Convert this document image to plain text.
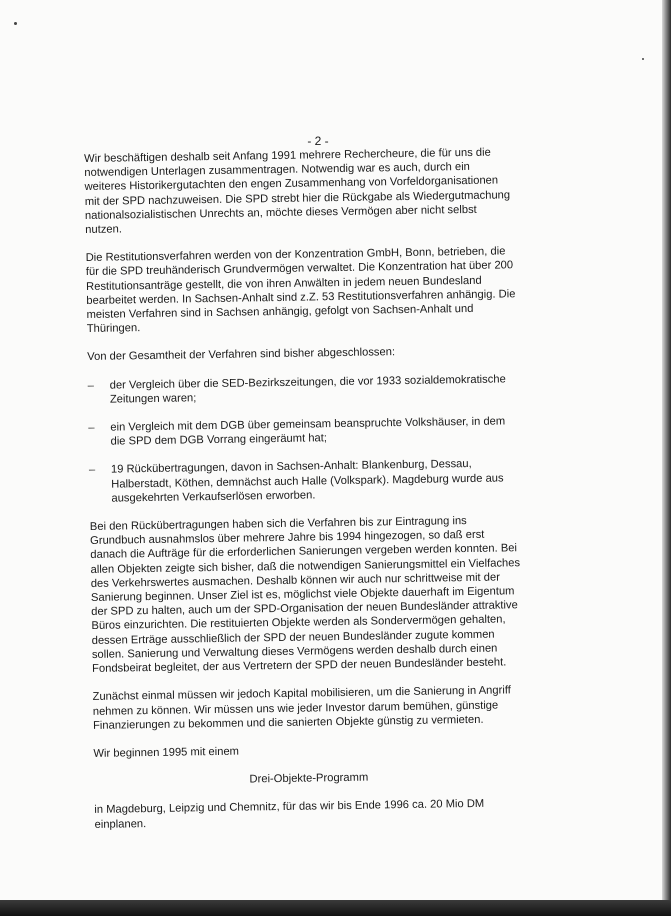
- 2 -

Wir beschäftigen deshalb seit Anfang 1991 mehrere Rechercheure, die für uns die notwendigen Unterlagen zusammentragen. Notwendig war es auch, durch ein weiteres Historikergutachten den engen Zusammenhang von Vorfeldorganisationen mit der SPD nachzuweisen. Die SPD strebt hier die Rückgabe als Wiedergutmachung nationalsozialistischen Unrechts an, möchte dieses Vermögen aber nicht selbst nutzen.

Die Restitutionsverfahren werden von der Konzentration GmbH, Bonn, betrieben, die für die SPD treuhänderisch Grundvermögen verwaltet. Die Konzentration hat über 200 Restitutionsanträge gestellt, die von ihren Anwälten in jedem neuen Bundesland bearbeitet werden. In Sachsen-Anhalt sind z.Z. 53 Restitutionsverfahren anhängig. Die meisten Verfahren sind in Sachsen anhängig, gefolgt von Sachsen-Anhalt und Thüringen.

Von der Gesamtheit der Verfahren sind bisher abgeschlossen:

– der Vergleich über die SED-Bezirkszeitungen, die vor 1933 sozialdemokratische Zeitungen waren;
– ein Vergleich mit dem DGB über gemeinsam beanspruchte Volkshäuser, in dem die SPD dem DGB Vorrang eingeräumt hat;
– 19 Rückübertragungen, davon in Sachsen-Anhalt: Blankenburg, Dessau, Halberstadt, Köthen, demnächst auch Halle (Volkspark). Magdeburg wurde aus ausgekehrten Verkaufserlösen erworben.

Bei den Rückübertragungen haben sich die Verfahren bis zur Eintragung ins Grundbuch ausnahmslos über mehrere Jahre bis 1994 hingezogen, so daß erst danach die Aufträge für die erforderlichen Sanierungen vergeben werden konnten. Bei allen Objekten zeigte sich bisher, daß die notwendigen Sanierungsmittel ein Vielfaches des Verkehrswertes ausmachen. Deshalb können wir auch nur schrittweise mit der Sanierung beginnen. Unser Ziel ist es, möglichst viele Objekte dauerhaft im Eigentum der SPD zu halten, auch um der SPD-Organisation der neuen Bundesländer attraktive Büros einzurichten. Die restituierten Objekte werden als Sondervermögen gehalten, dessen Erträge ausschließlich der SPD der neuen Bundesländer zugute kommen sollen. Sanierung und Verwaltung dieses Vermögens werden deshalb durch einen Fondsbeirat begleitet, der aus Vertretern der SPD der neuen Bundesländer besteht.

Zunächst einmal müssen wir jedoch Kapital mobilisieren, um die Sanierung in Angriff nehmen zu können. Wir müssen uns wie jeder Investor darum bemühen, günstige Finanzierungen zu bekommen und die sanierten Objekte günstig zu vermieten.

Wir beginnen 1995 mit einem

Drei-Objekte-Programm

in Magdeburg, Leipzig und Chemnitz, für das wir bis Ende 1996 ca. 20 Mio DM einplanen.
